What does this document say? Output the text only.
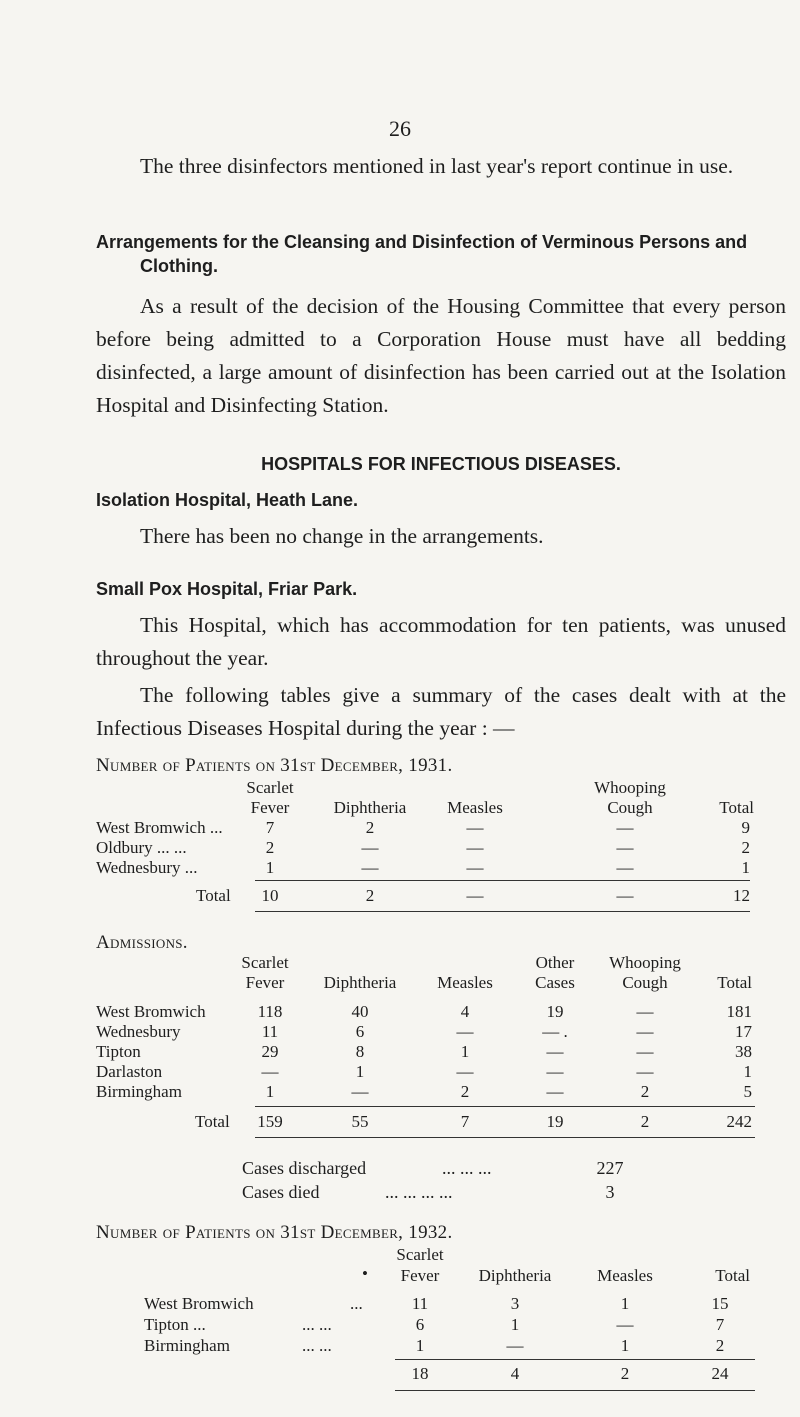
26
The three disinfectors mentioned in last year's report continue in use.
Arrangements for the Cleansing and Disinfection of Verminous Persons and Clothing.
As a result of the decision of the Housing Committee that every person before being admitted to a Corporation House must have all bedding disinfected, a large amount of disinfection has been carried out at the Isolation Hospital and Disinfecting Station.
HOSPITALS FOR INFECTIOUS DISEASES.
Isolation Hospital, Heath Lane.
There has been no change in the arrangements.
Small Pox Hospital, Friar Park.
This Hospital, which has accommodation for ten patients, was unused throughout the year.
The following tables give a summary of the cases dealt with at the Infectious Diseases Hospital during the year : —
Number of Patients on 31st December, 1931.
Scarlet
Fever	Diphtheria	Measles
Whooping
Cough	Total
West Bromwich ...	7	2	—	—	9
Oldbury ... ...	2	—	—	—	2
Wednesbury ...	1	—	—	—	1
Total	10	2	—	—	12
Admissions.
Scarlet
Fever	Diphtheria	Measles
Other
Cases
Whooping
Cough	Total
West Bromwich	118	40	4	19	—	181
Wednesbury	11	6	—	— .	—	17
Tipton	29	8	1	—	—	38
Darlaston	—	1	—	—	—	1
Birmingham	1	—	2	—	2	5
Total	159	55	7	19	2	242
Cases discharged	... ... ...	227
Cases died	... ... ... ...	3
Number of Patients on 31st December, 1932.
•
Scarlet
Fever	Diphtheria	Measles	Total
West Bromwich	...	11	3	1	15
Tipton ...	... ...	6	1	—	7
Birmingham	... ...	1	—	1	2
18	4	2	24
